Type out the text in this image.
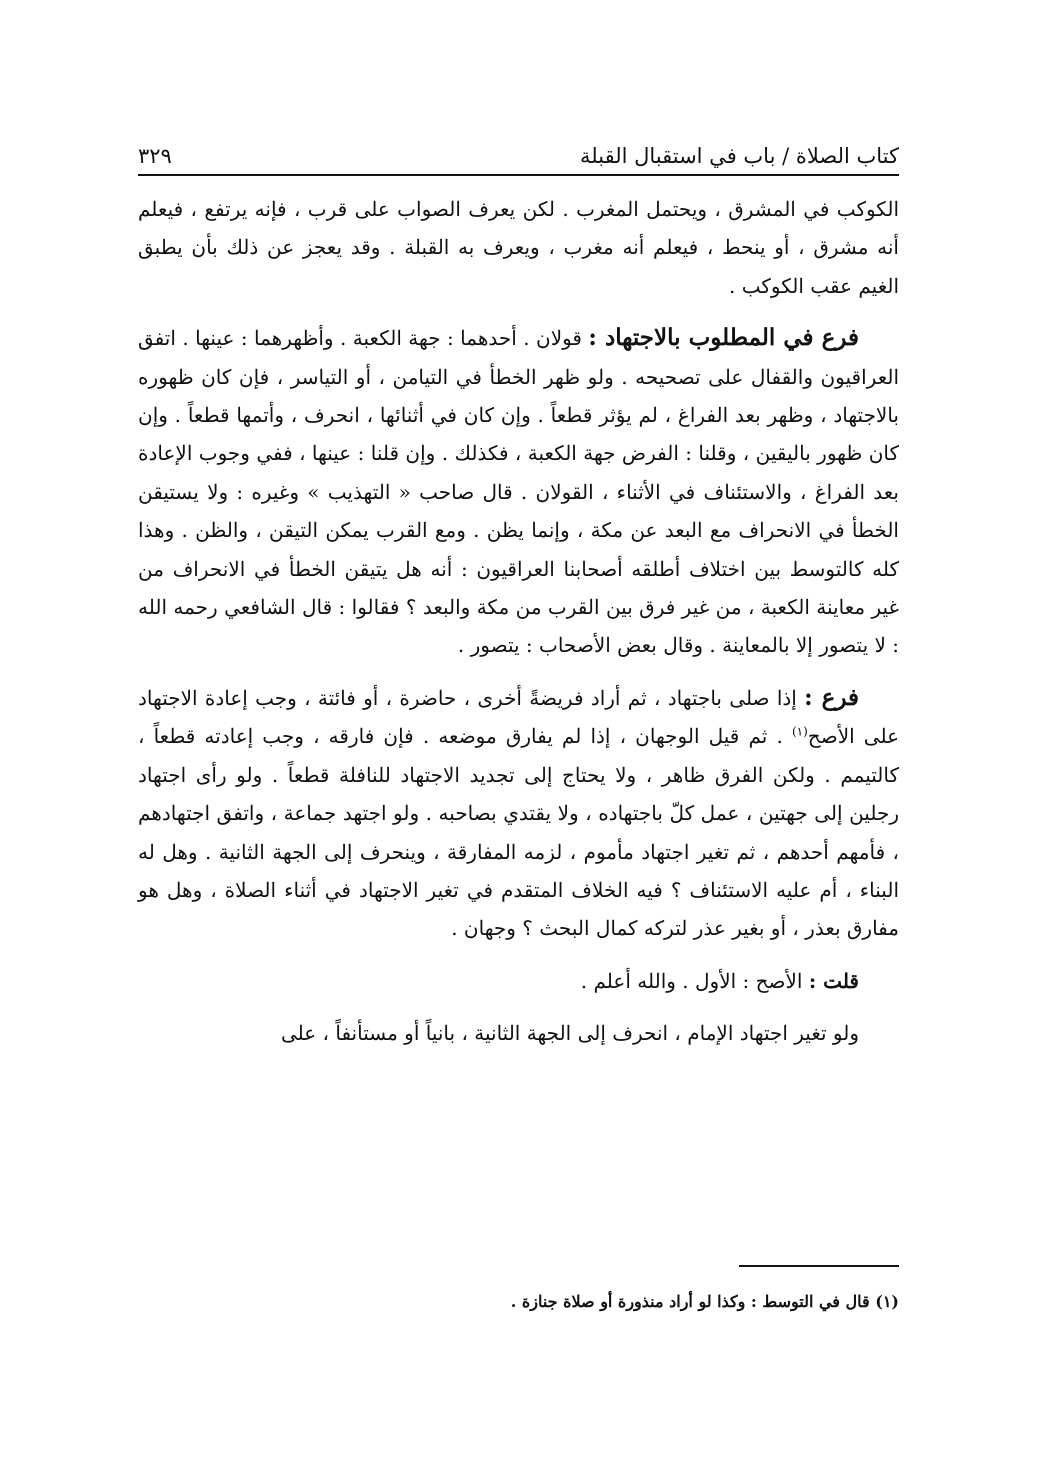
كتاب الصلاة / باب في استقبال القبلة
٣٢٩

الكوكب في المشرق ، ويحتمل المغرب . لكن يعرف الصواب على قرب ، فإنه يرتفع ، فيعلم أنه مشرق ، أو ينحط ، فيعلم أنه مغرب ، ويعرف به القبلة . وقد يعجز عن ذلك بأن يطبق الغيم عقب الكوكب .

فرع في المطلوب بالاجتهاد : قولان . أحدهما : جهة الكعبة . وأظهرهما : عينها . اتفق العراقيون والقفال على تصحيحه . ولو ظهر الخطأ في التيامن ، أو التياسر ، فإن كان ظهوره بالاجتهاد ، وظهر بعد الفراغ ، لم يؤثر قطعاً . وإن كان في أثنائها ، انحرف ، وأتمها قطعاً . وإن كان ظهور باليقين ، وقلنا : الفرض جهة الكعبة ، فكذلك . وإن قلنا : عينها ، ففي وجوب الإعادة بعد الفراغ ، والاستئناف في الأثناء ، القولان . قال صاحب « التهذيب » وغيره : ولا يستيقن الخطأ في الانحراف مع البعد عن مكة ، وإنما يظن . ومع القرب يمكن التيقن ، والظن . وهذا كله كالتوسط بين اختلاف أطلقه أصحابنا العراقيون : أنه هل يتيقن الخطأ في الانحراف من غير معاينة الكعبة ، من غير فرق بين القرب من مكة والبعد ؟ فقالوا : قال الشافعي رحمه الله : لا يتصور إلا بالمعاينة . وقال بعض الأصحاب : يتصور .

فرع : إذا صلى باجتهاد ، ثم أراد فريضةً أخرى ، حاضرة ، أو فائتة ، وجب إعادة الاجتهاد على الأصح$^{(١)}$ . ثم قيل الوجهان ، إذا لم يفارق موضعه . فإن فارقه ، وجب إعادته قطعاً ، كالتيمم . ولكن الفرق ظاهر ، ولا يحتاج إلى تجديد الاجتهاد للنافلة قطعاً . ولو رأى اجتهاد رجلين إلى جهتين ، عمل كلّ باجتهاده ، ولا يقتدي بصاحبه . ولو اجتهد جماعة ، واتفق اجتهادهم ، فأمهم أحدهم ، ثم تغير اجتهاد مأموم ، لزمه المفارقة ، وينحرف إلى الجهة الثانية . وهل له البناء ، أم عليه الاستئناف ؟ فيه الخلاف المتقدم في تغير الاجتهاد في أثناء الصلاة ، وهل هو مفارق بعذر ، أو بغير عذر لتركه كمال البحث ؟ وجهان .

قلت : الأصح : الأول . والله أعلم .

ولو تغير اجتهاد الإمام ، انحرف إلى الجهة الثانية ، بانياً أو مستأنفاً ، على

(١) قال في التوسط : وكذا لو أراد منذورة أو صلاة جنازة .
